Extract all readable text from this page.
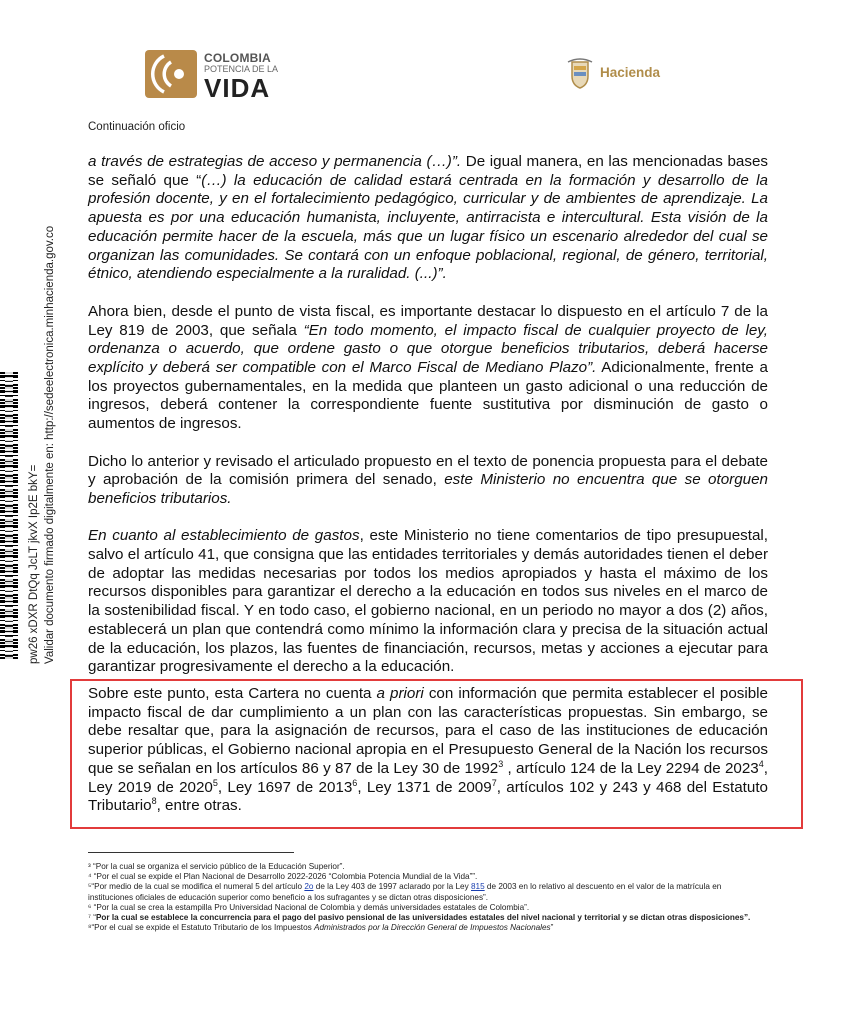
COLOMBIA
POTENCIA DE LA
VIDA
Hacienda
Continuación oficio
pw26 xDXR DtQq JcLT jkvX Ip2E bkY= Validar documento firmado digitalmente en: http://sedeelectronica.minhacienda.gov.co

a través de estrategias de acceso y permanencia (…)”. De igual manera, en las mencionadas bases se señaló que “(…) la educación de calidad estará centrada en la formación y desarrollo de la profesión docente, y en el fortalecimiento pedagógico, curricular y de ambientes de aprendizaje. La apuesta es por una educación humanista, incluyente, antirracista e intercultural. Esta visión de la educación permite hacer de la escuela, más que un lugar físico un escenario alrededor del cual se organizan las comunidades. Se contará con un enfoque poblacional, regional, de género, territorial, étnico, atendiendo especialmente a la ruralidad. (...)”.

Ahora bien, desde el punto de vista fiscal, es importante destacar lo dispuesto en el artículo 7 de la Ley 819 de 2003, que señala “En todo momento, el impacto fiscal de cualquier proyecto de ley, ordenanza o acuerdo, que ordene gasto o que otorgue beneficios tributarios, deberá hacerse explícito y deberá ser compatible con el Marco Fiscal de Mediano Plazo”. Adicionalmente, frente a los proyectos gubernamentales, en la medida que planteen un gasto adicional o una reducción de ingresos, deberá contener la correspondiente fuente sustitutiva por disminución de gasto o aumentos de ingresos.

Dicho lo anterior y revisado el articulado propuesto en el texto de ponencia propuesta para el debate y aprobación de la comisión primera del senado, este Ministerio no encuentra que se otorguen beneficios tributarios.

En cuanto al establecimiento de gastos, este Ministerio no tiene comentarios de tipo presupuestal, salvo el artículo 41, que consigna que las entidades territoriales y demás autoridades tienen el deber de adoptar las medidas necesarias por todos los medios apropiados y hasta el máximo de los recursos disponibles para garantizar el derecho a la educación en todos sus niveles en el marco de la sostenibilidad fiscal. Y en todo caso, el gobierno nacional, en un periodo no mayor a dos (2) años, establecerá un plan que contendrá como mínimo la información clara y precisa de la situación actual de la educación, los plazos, las fuentes de financiación, recursos, metas y acciones a ejecutar para garantizar progresivamente el derecho a la educación.

Sobre este punto, esta Cartera no cuenta a priori con información que permita establecer el posible impacto fiscal de dar cumplimiento a un plan con las características propuestas. Sin embargo, se debe resaltar que, para la asignación de recursos, para el caso de las instituciones de educación superior públicas, el Gobierno nacional apropia en el Presupuesto General de la Nación los recursos que se señalan en los artículos 86 y 87 de la Ley 30 de 1992$^3$ , artículo 124 de la Ley 2294 de 2023$^4$, Ley 2019 de 2020$^5$, Ley 1697 de 2013$^6$, Ley 1371 de 2009$^7$, artículos 102 y 243 y 468 del Estatuto Tributario$^8$, entre otras.
³ “Por la cual se organiza el servicio público de la Educación Superior”.
⁴ “Por el cual se expide el Plan Nacional de Desarrollo 2022-2026 “Colombia Potencia Mundial de la Vida””.
⁵“Por medio de la cual se modifica el numeral 5 del artículo 2o de la Ley 403 de 1997 aclarado por la Ley 815 de 2003 en lo relativo al descuento en el valor de la matrícula en instituciones oficiales de educación superior como beneficio a los sufragantes y se dictan otras disposiciones”.
⁶ “Por la cual se crea la estampilla Pro Universidad Nacional de Colombia y demás universidades estatales de Colombia”.
⁷ “Por la cual se establece la concurrencia para el pago del pasivo pensional de las universidades estatales del nivel nacional y territorial y se dictan otras disposiciones”.
⁸“Por el cual se expide el Estatuto Tributario de los Impuestos Administrados por la Dirección General de Impuestos Nacionales”
